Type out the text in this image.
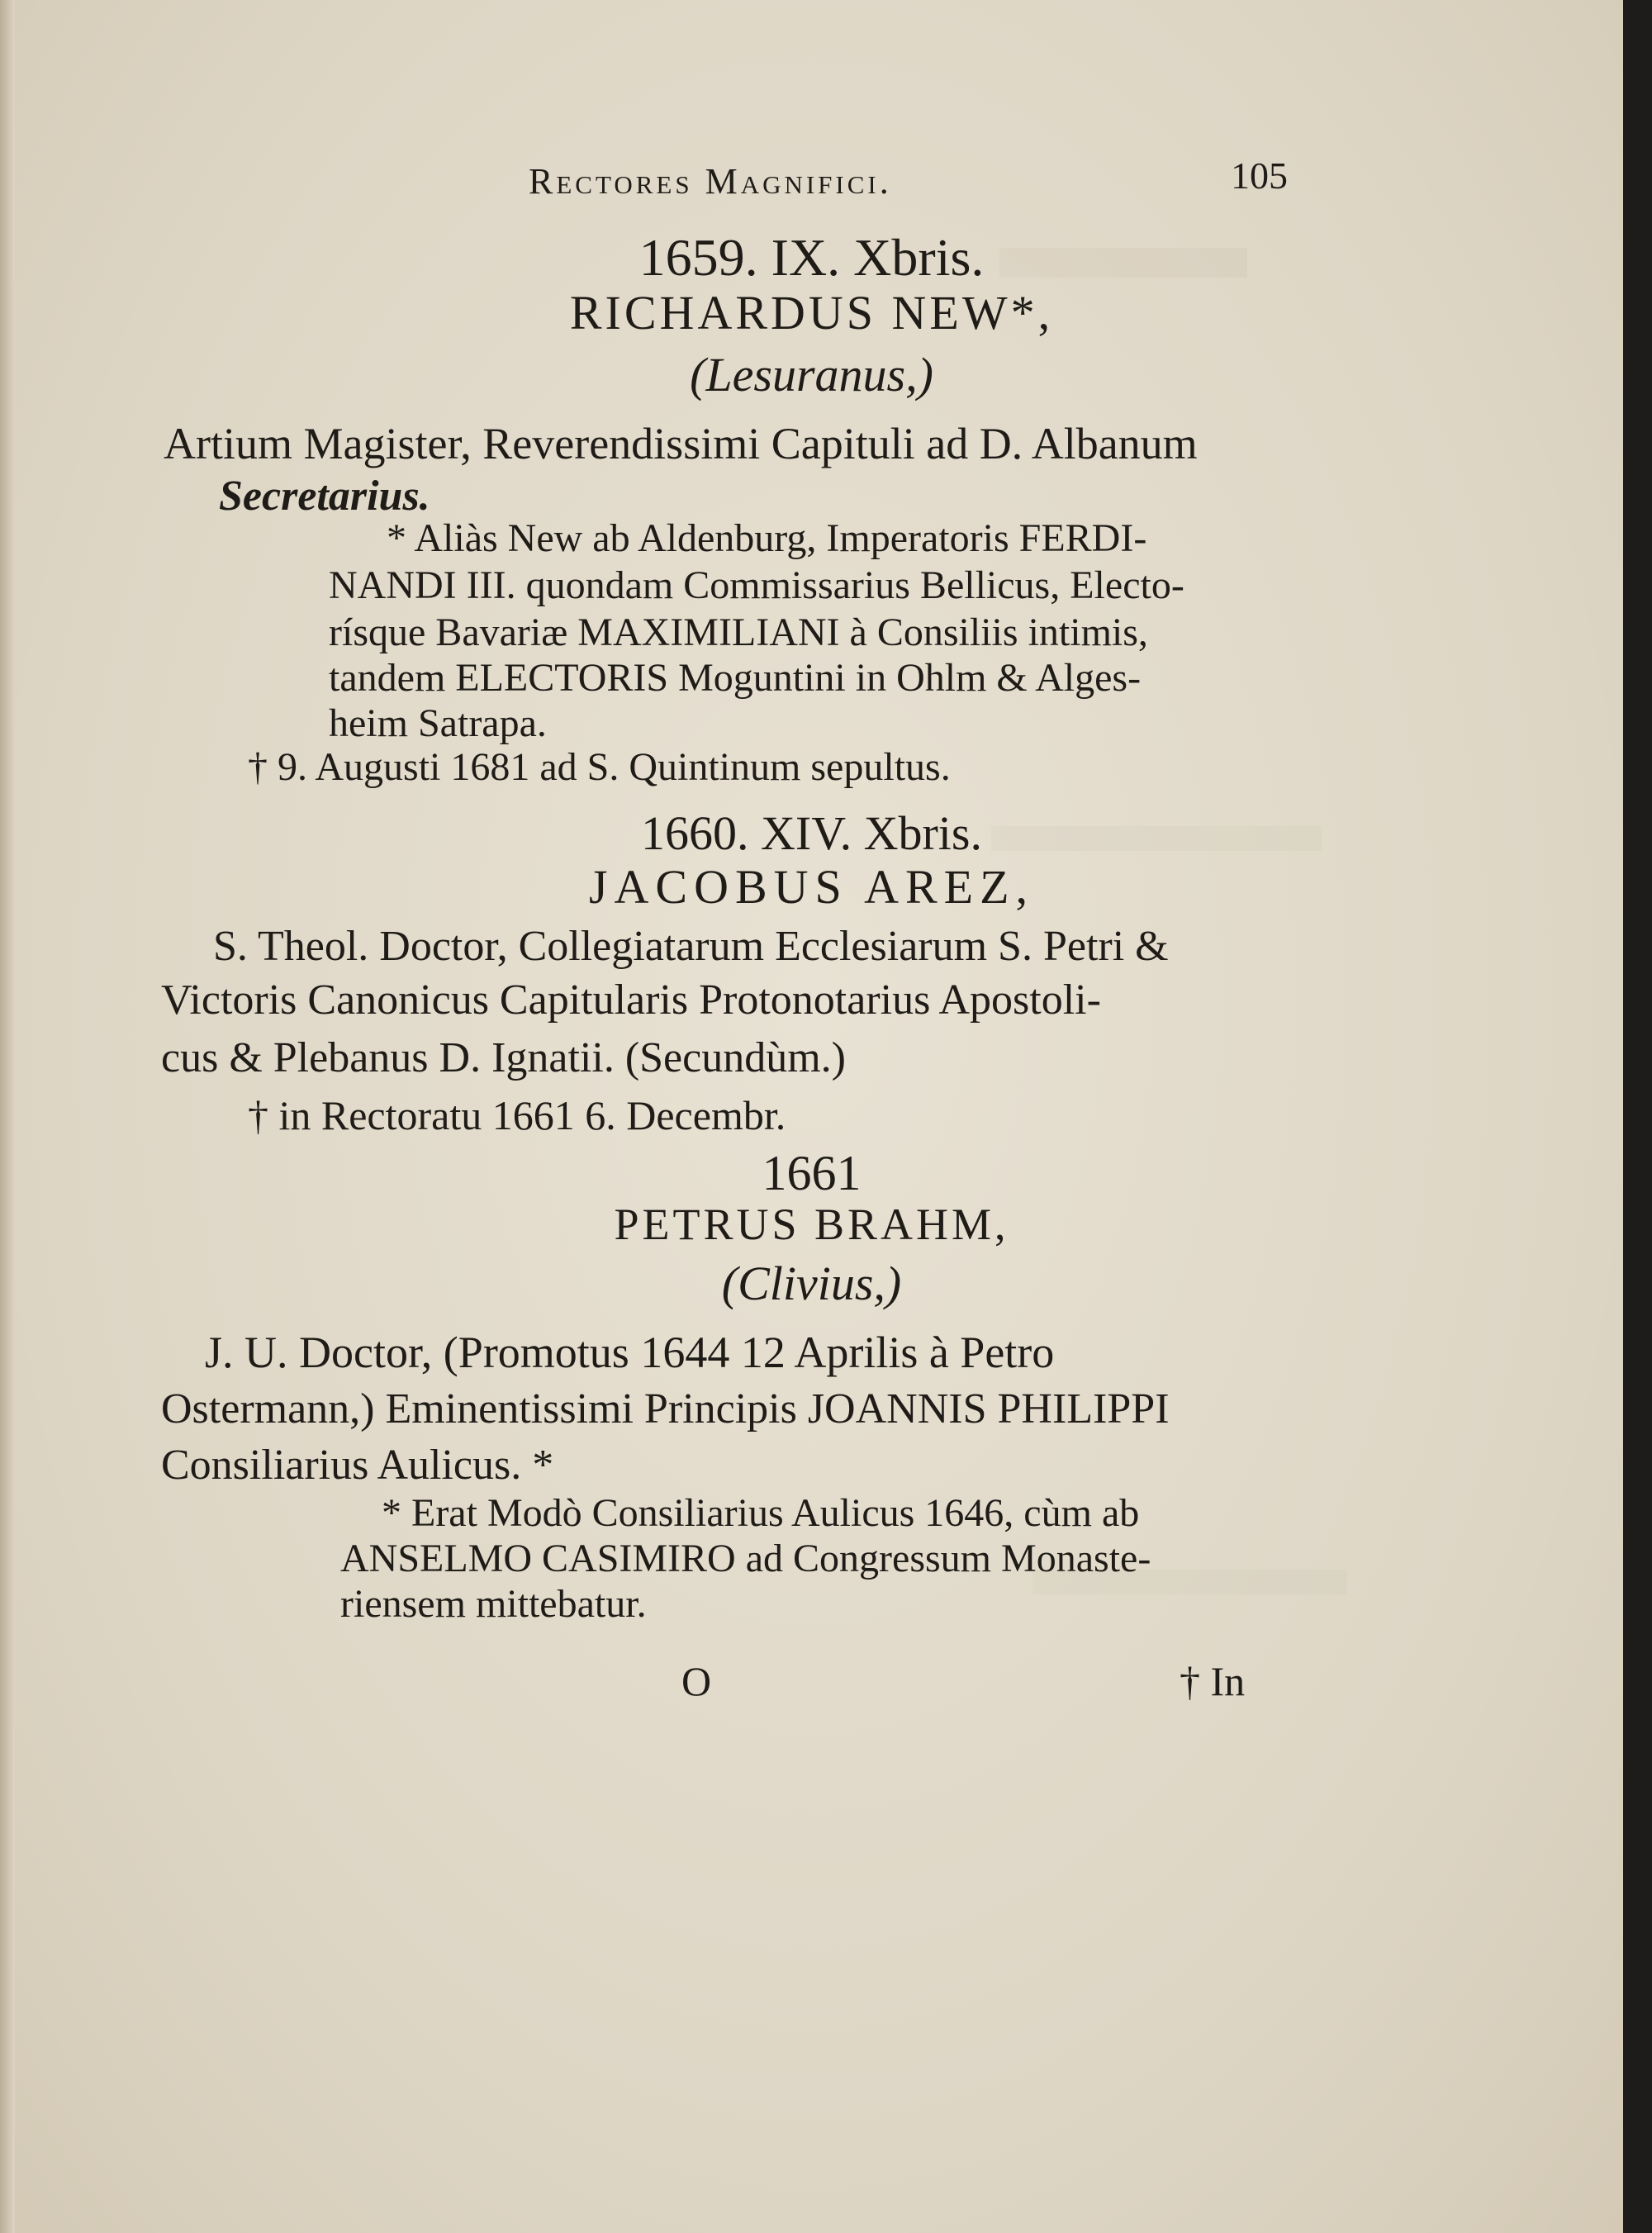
Rectores Magnifici.	105
1659. IX. Xbris.
RICHARDUS NEW*,
(Lesuranus,)
Artium Magister, Reverendissimi Capituli ad D. Albanum
Secretarius.
* Aliàs New ab Aldenburg, Imperatoris FERDI-
NANDI III. quondam Commissarius Bellicus, Electo-
rísque Bavariæ MAXIMILIANI à Consiliis intimis,
tandem ELECTORIS Moguntini in Ohlm & Alges-
heim Satrapa.
† 9. Augusti 1681 ad S. Quintinum sepultus.
1660. XIV. Xbris.
JACOBUS AREZ,
S. Theol. Doctor, Collegiatarum Ecclesiarum S. Petri &
Victoris Canonicus Capitularis Protonotarius Apostoli-
cus & Plebanus D. Ignatii. (Secundùm.)
† in Rectoratu 1661 6. Decembr.
1661
PETRUS BRAHM,
(Clivius,)
J. U. Doctor, (Promotus 1644 12 Aprilis à Petro
Ostermann,) Eminentissimi Principis JOANNIS PHILIPPI
Consiliarius Aulicus. *
* Erat Modò Consiliarius Aulicus 1646, cùm ab
ANSELMO CASIMIRO ad Congressum Monaste-
riensem mittebatur.
O	† In
